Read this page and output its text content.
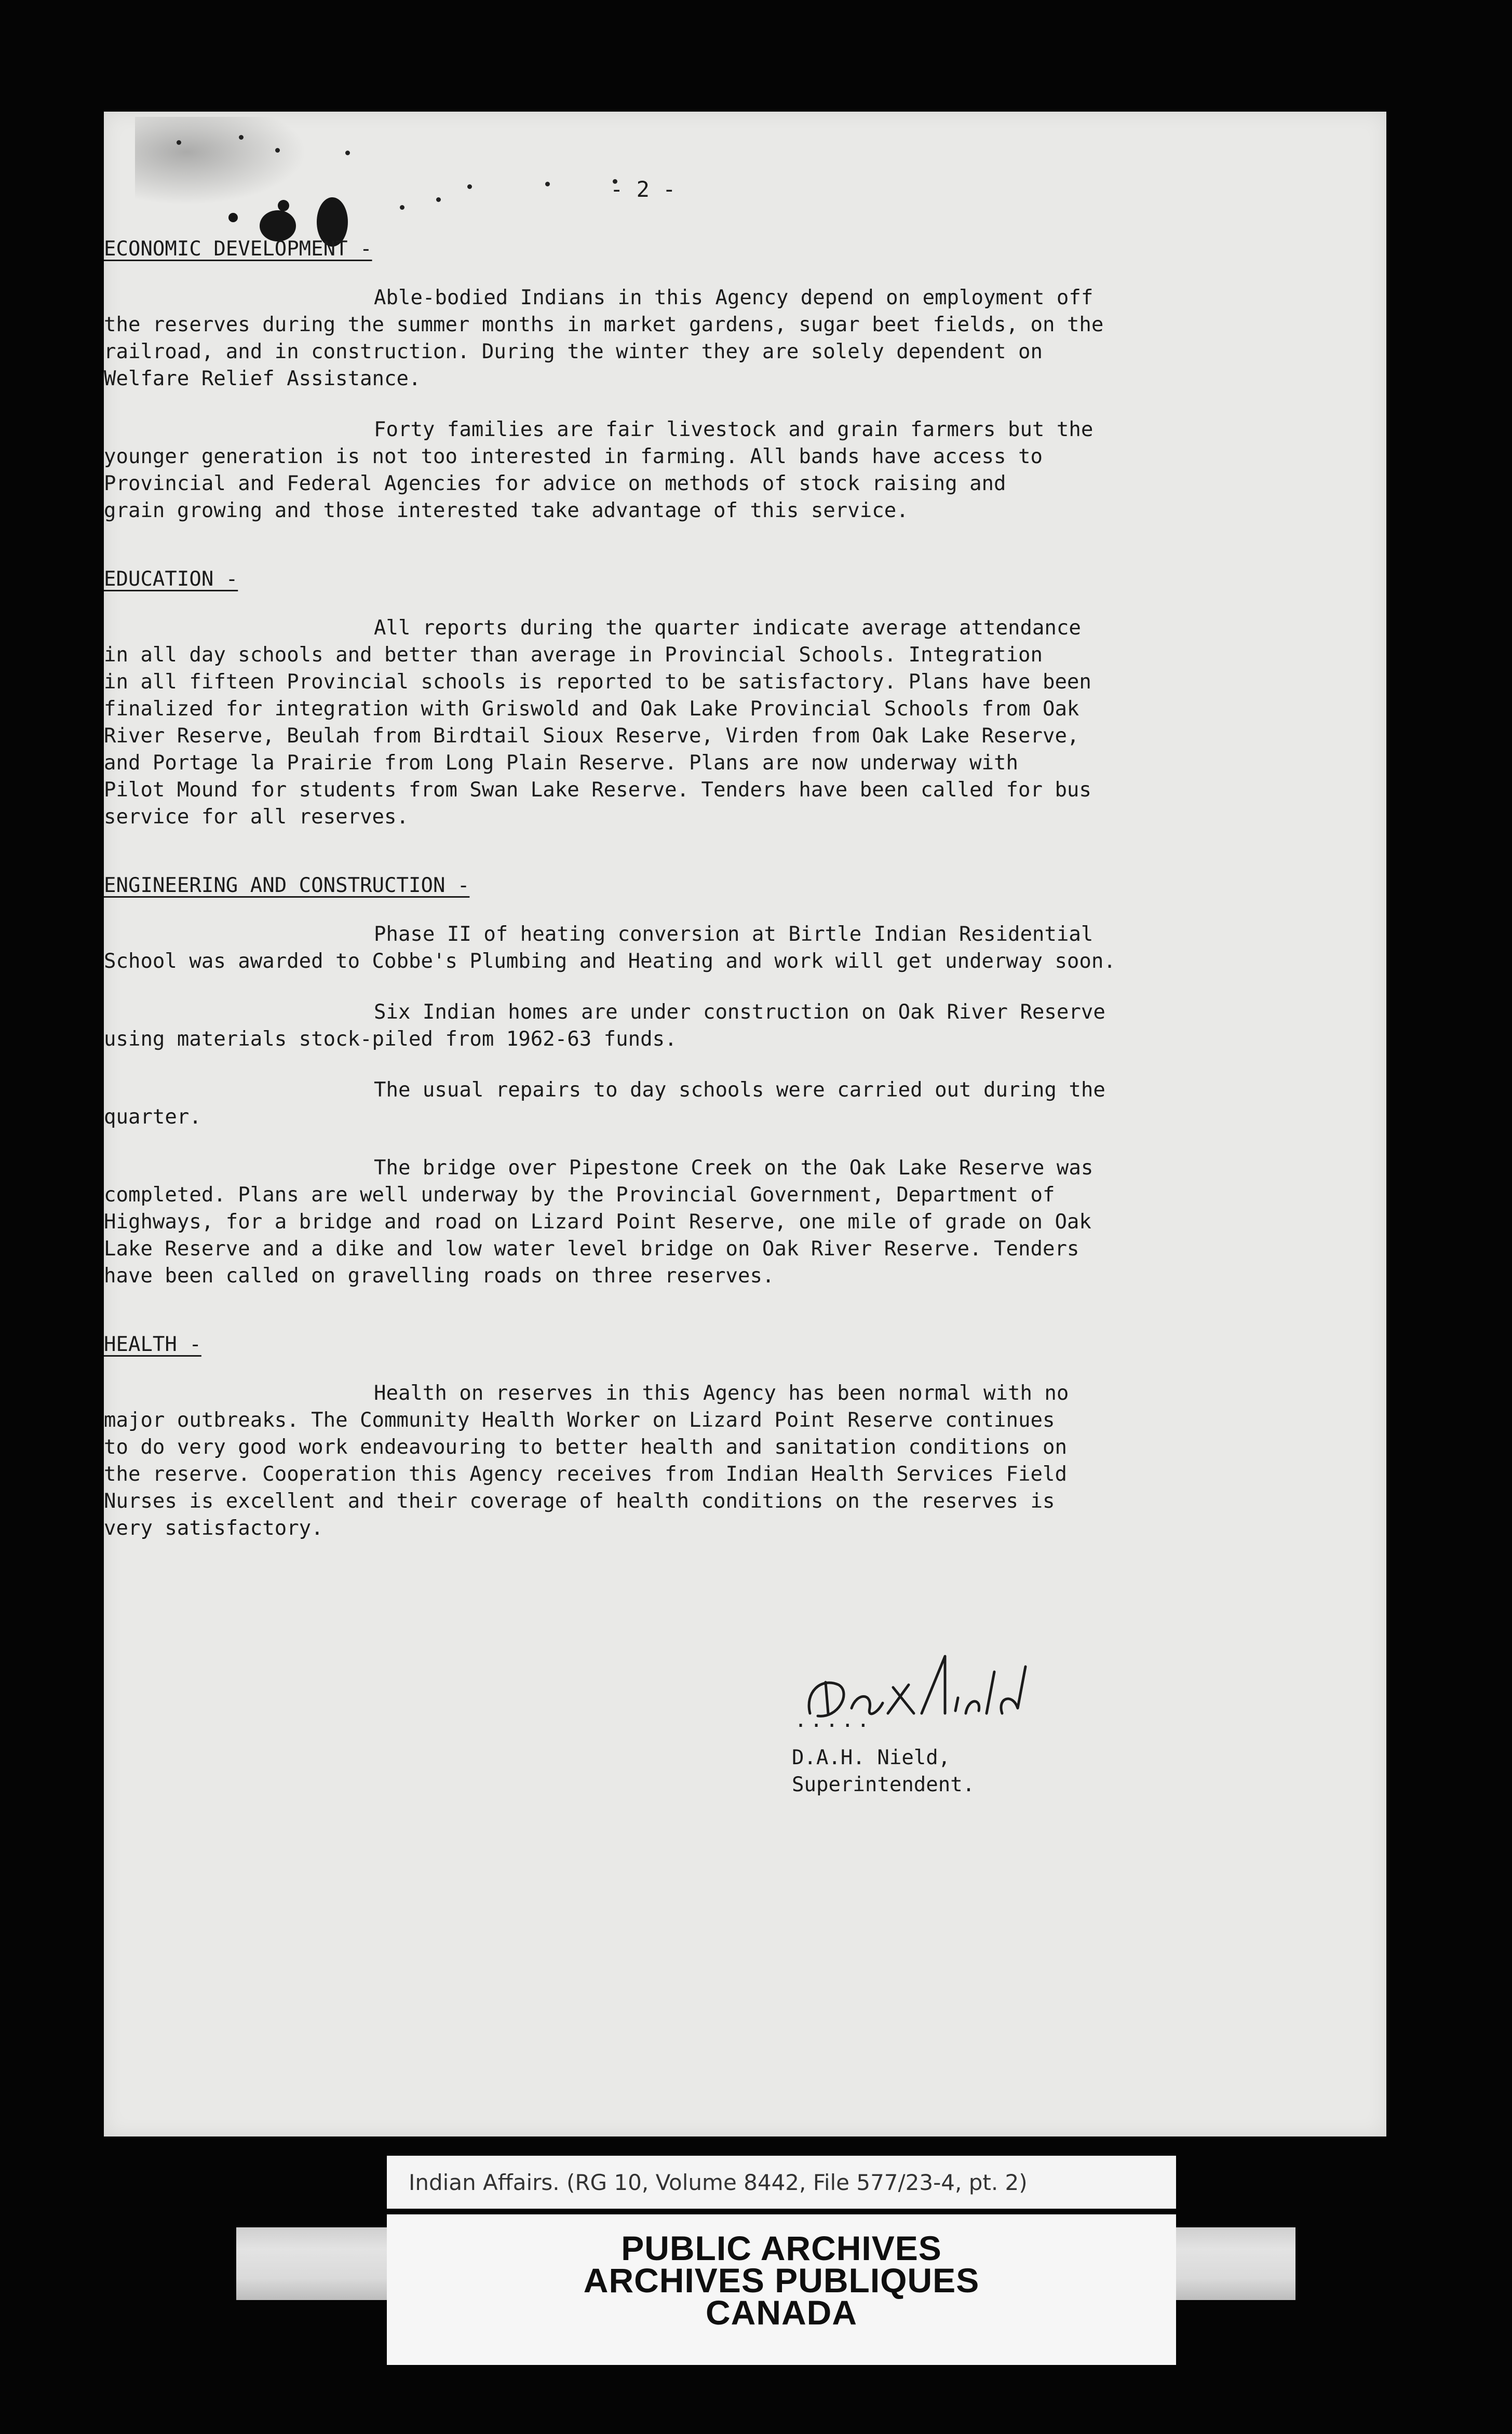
- 2 -
ECONOMIC DEVELOPMENT -

Able-bodied Indians in this Agency depend on employment off
the reserves during the summer months in market gardens, sugar beet fields, on the
railroad, and in construction. During the winter they are solely dependent on
Welfare Relief Assistance.

Forty families are fair livestock and grain farmers but the
younger generation is not too interested in farming. All bands have access to
Provincial and Federal Agencies for advice on methods of stock raising and
grain growing and those interested take advantage of this service.

EDUCATION -

All reports during the quarter indicate average attendance
in all day schools and better than average in Provincial Schools. Integration
in all fifteen Provincial schools is reported to be satisfactory. Plans have been
finalized for integration with Griswold and Oak Lake Provincial Schools from Oak
River Reserve, Beulah from Birdtail Sioux Reserve, Virden from Oak Lake Reserve,
and Portage la Prairie from Long Plain Reserve. Plans are now underway with
Pilot Mound for students from Swan Lake Reserve. Tenders have been called for bus
service for all reserves.

ENGINEERING AND CONSTRUCTION -

Phase II of heating conversion at Birtle Indian Residential
School was awarded to Cobbe's Plumbing and Heating and work will get underway soon.

Six Indian homes are under construction on Oak River Reserve
using materials stock-piled from 1962-63 funds.

The usual repairs to day schools were carried out during the
quarter.

The bridge over Pipestone Creek on the Oak Lake Reserve was
completed. Plans are well underway by the Provincial Government, Department of
Highways, for a bridge and road on Lizard Point Reserve, one mile of grade on Oak
Lake Reserve and a dike and low water level bridge on Oak River Reserve. Tenders
have been called on gravelling roads on three reserves.

HEALTH -

Health on reserves in this Agency has been normal with no
major outbreaks. The Community Health Worker on Lizard Point Reserve continues
to do very good work endeavouring to better health and sanitation conditions on
the reserve. Cooperation this Agency receives from Indian Health Services Field
Nurses is excellent and their coverage of health conditions on the reserves is
very satisfactory.

.....
D.A.H. Nield,
Superintendent.
Indian Affairs. (RG 10, Volume 8442, File 577/23-4, pt. 2)
PUBLIC ARCHIVES
ARCHIVES PUBLIQUES
CANADA
